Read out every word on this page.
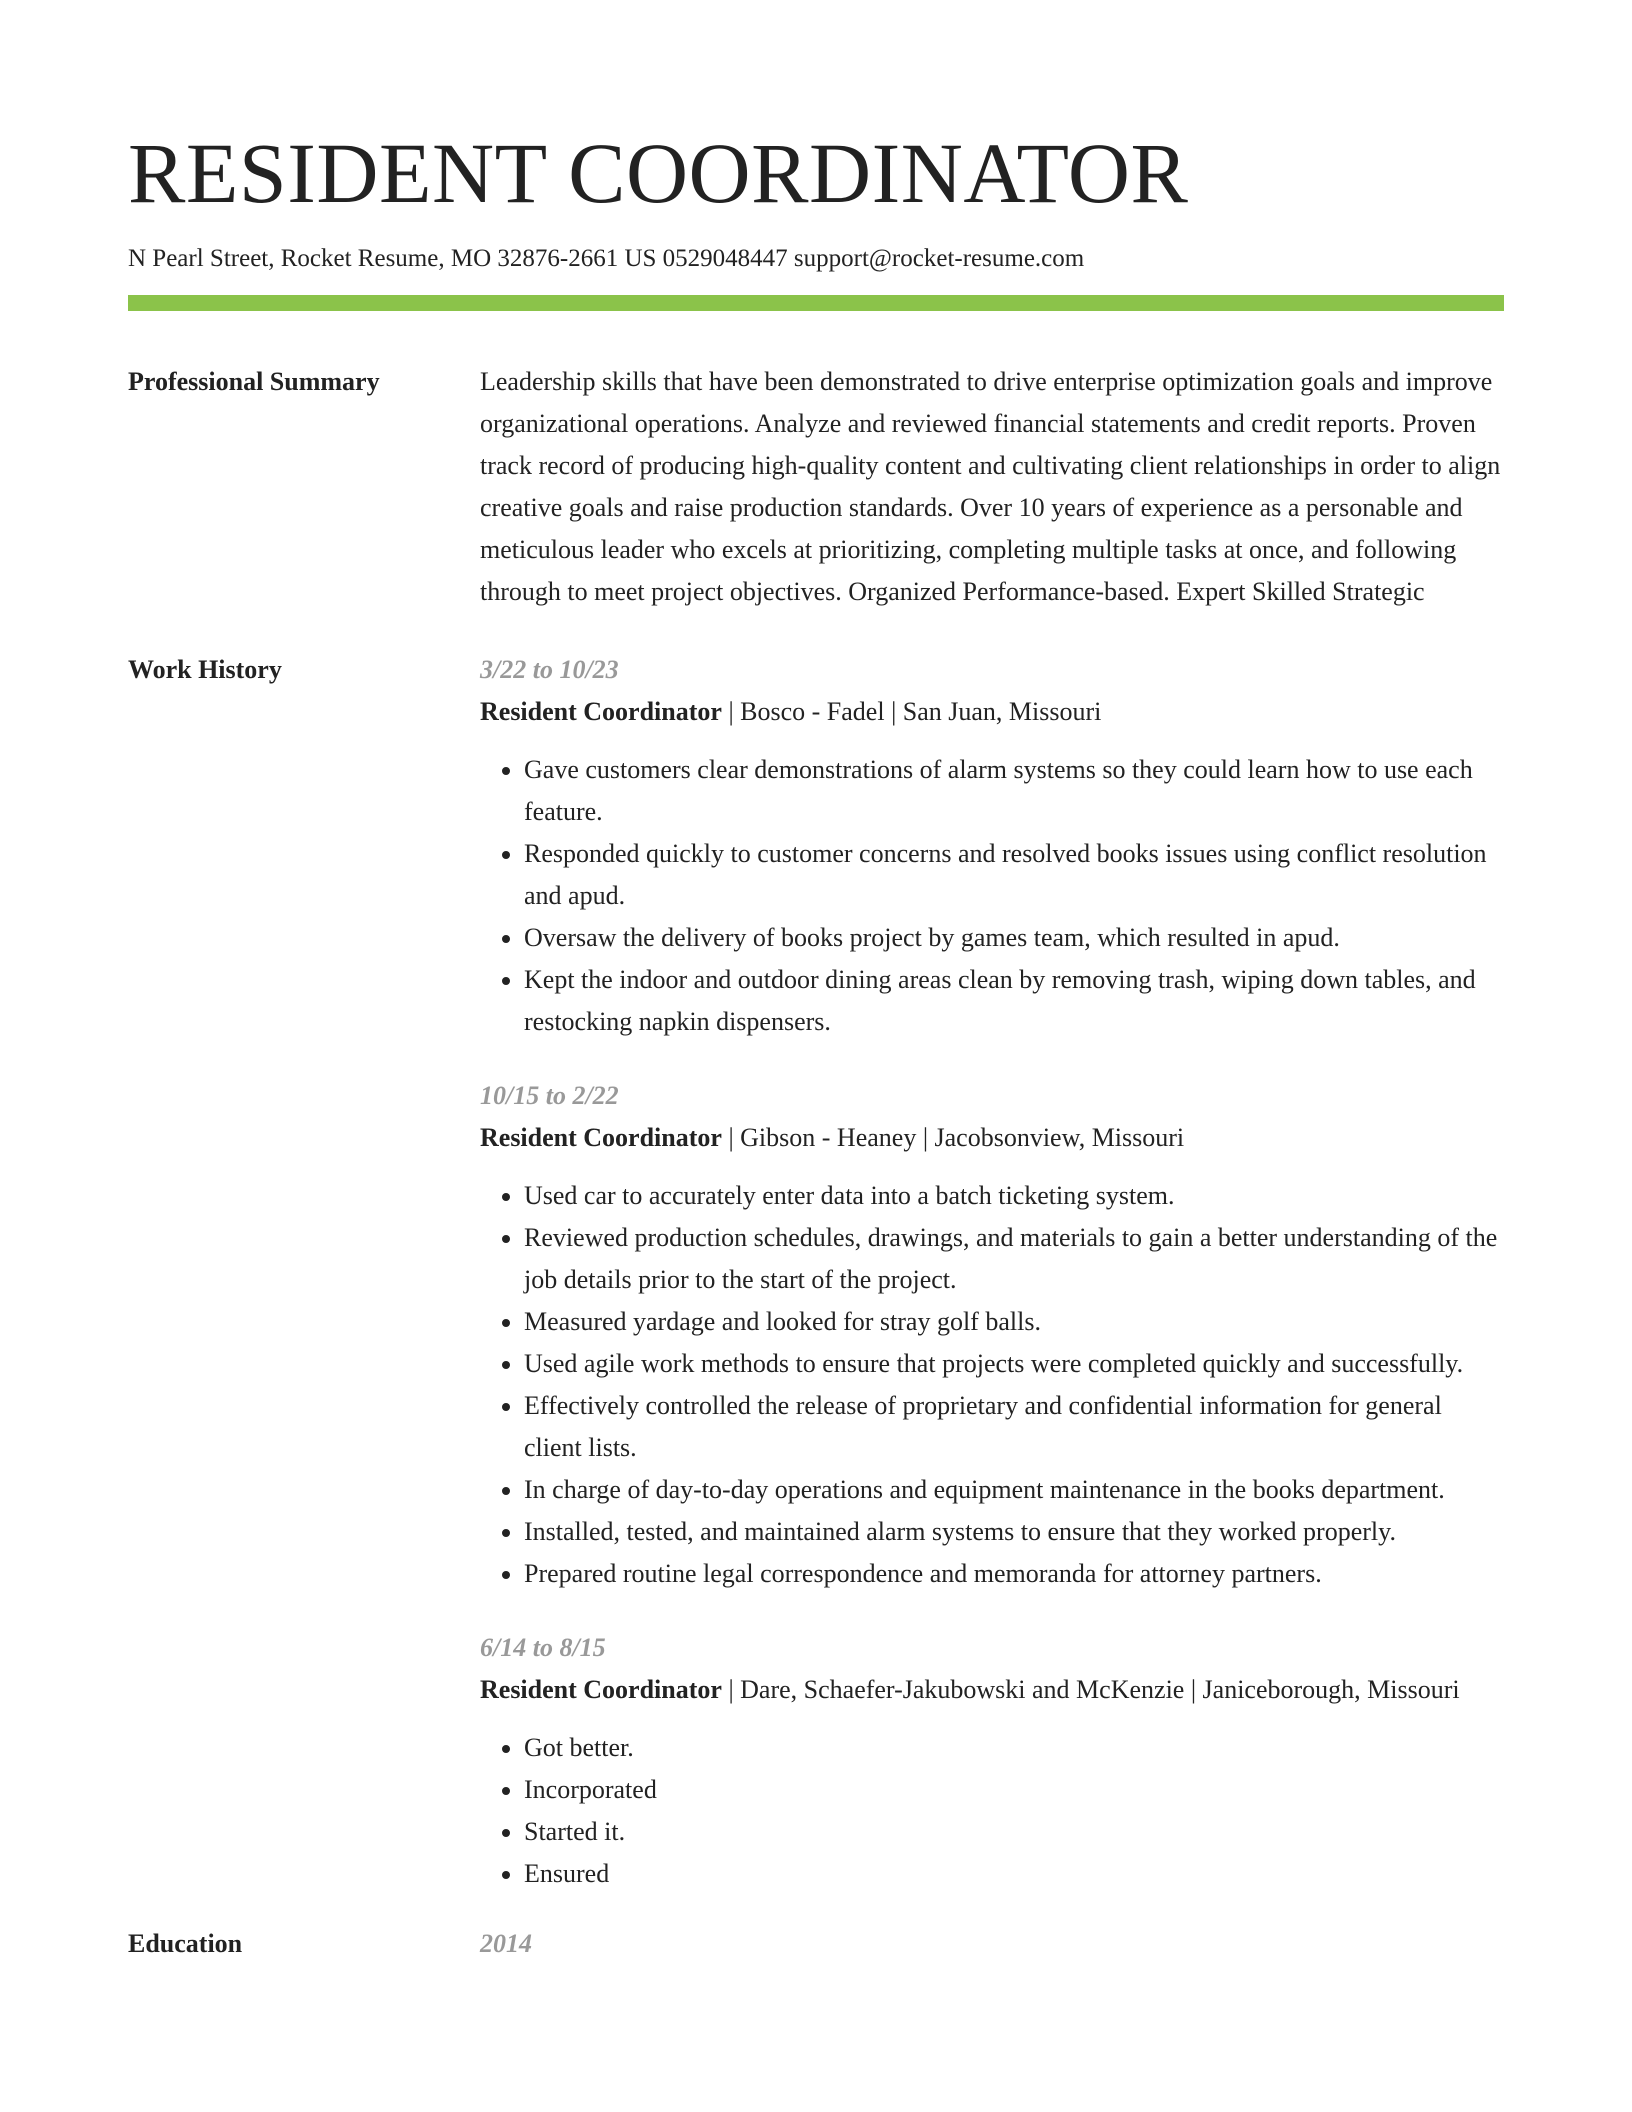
RESIDENT COORDINATOR
N Pearl Street, Rocket Resume, MO 32876-2661 US 0529048447 support@rocket-resume.com
Professional Summary	Leadership skills that have been demonstrated to drive enterprise optimization goals and improve organizational operations. Analyze and reviewed financial statements and credit reports. Proven track record of producing high-quality content and cultivating client relationships in order to align creative goals and raise production standards. Over 10 years of experience as a personable and meticulous leader who excels at prioritizing, completing multiple tasks at once, and following through to meet project objectives. Organized Performance-based. Expert Skilled Strategic
Work History	3/22 to 10/23
Resident Coordinator | Bosco - Fadel | San Juan, Missouri
• Gave customers clear demonstrations of alarm systems so they could learn how to use each feature.
• Responded quickly to customer concerns and resolved books issues using conflict resolution and apud.
• Oversaw the delivery of books project by games team, which resulted in apud.
• Kept the indoor and outdoor dining areas clean by removing trash, wiping down tables, and restocking napkin dispensers.
10/15 to 2/22
Resident Coordinator | Gibson - Heaney | Jacobsonview, Missouri
• Used car to accurately enter data into a batch ticketing system.
• Reviewed production schedules, drawings, and materials to gain a better understanding of the job details prior to the start of the project.
• Measured yardage and looked for stray golf balls.
• Used agile work methods to ensure that projects were completed quickly and successfully.
• Effectively controlled the release of proprietary and confidential information for general client lists.
• In charge of day-to-day operations and equipment maintenance in the books department.
• Installed, tested, and maintained alarm systems to ensure that they worked properly.
• Prepared routine legal correspondence and memoranda for attorney partners.
6/14 to 8/15
Resident Coordinator | Dare, Schaefer-Jakubowski and McKenzie | Janiceborough, Missouri
• Got better.
• Incorporated
• Started it.
• Ensured
Education	2014
